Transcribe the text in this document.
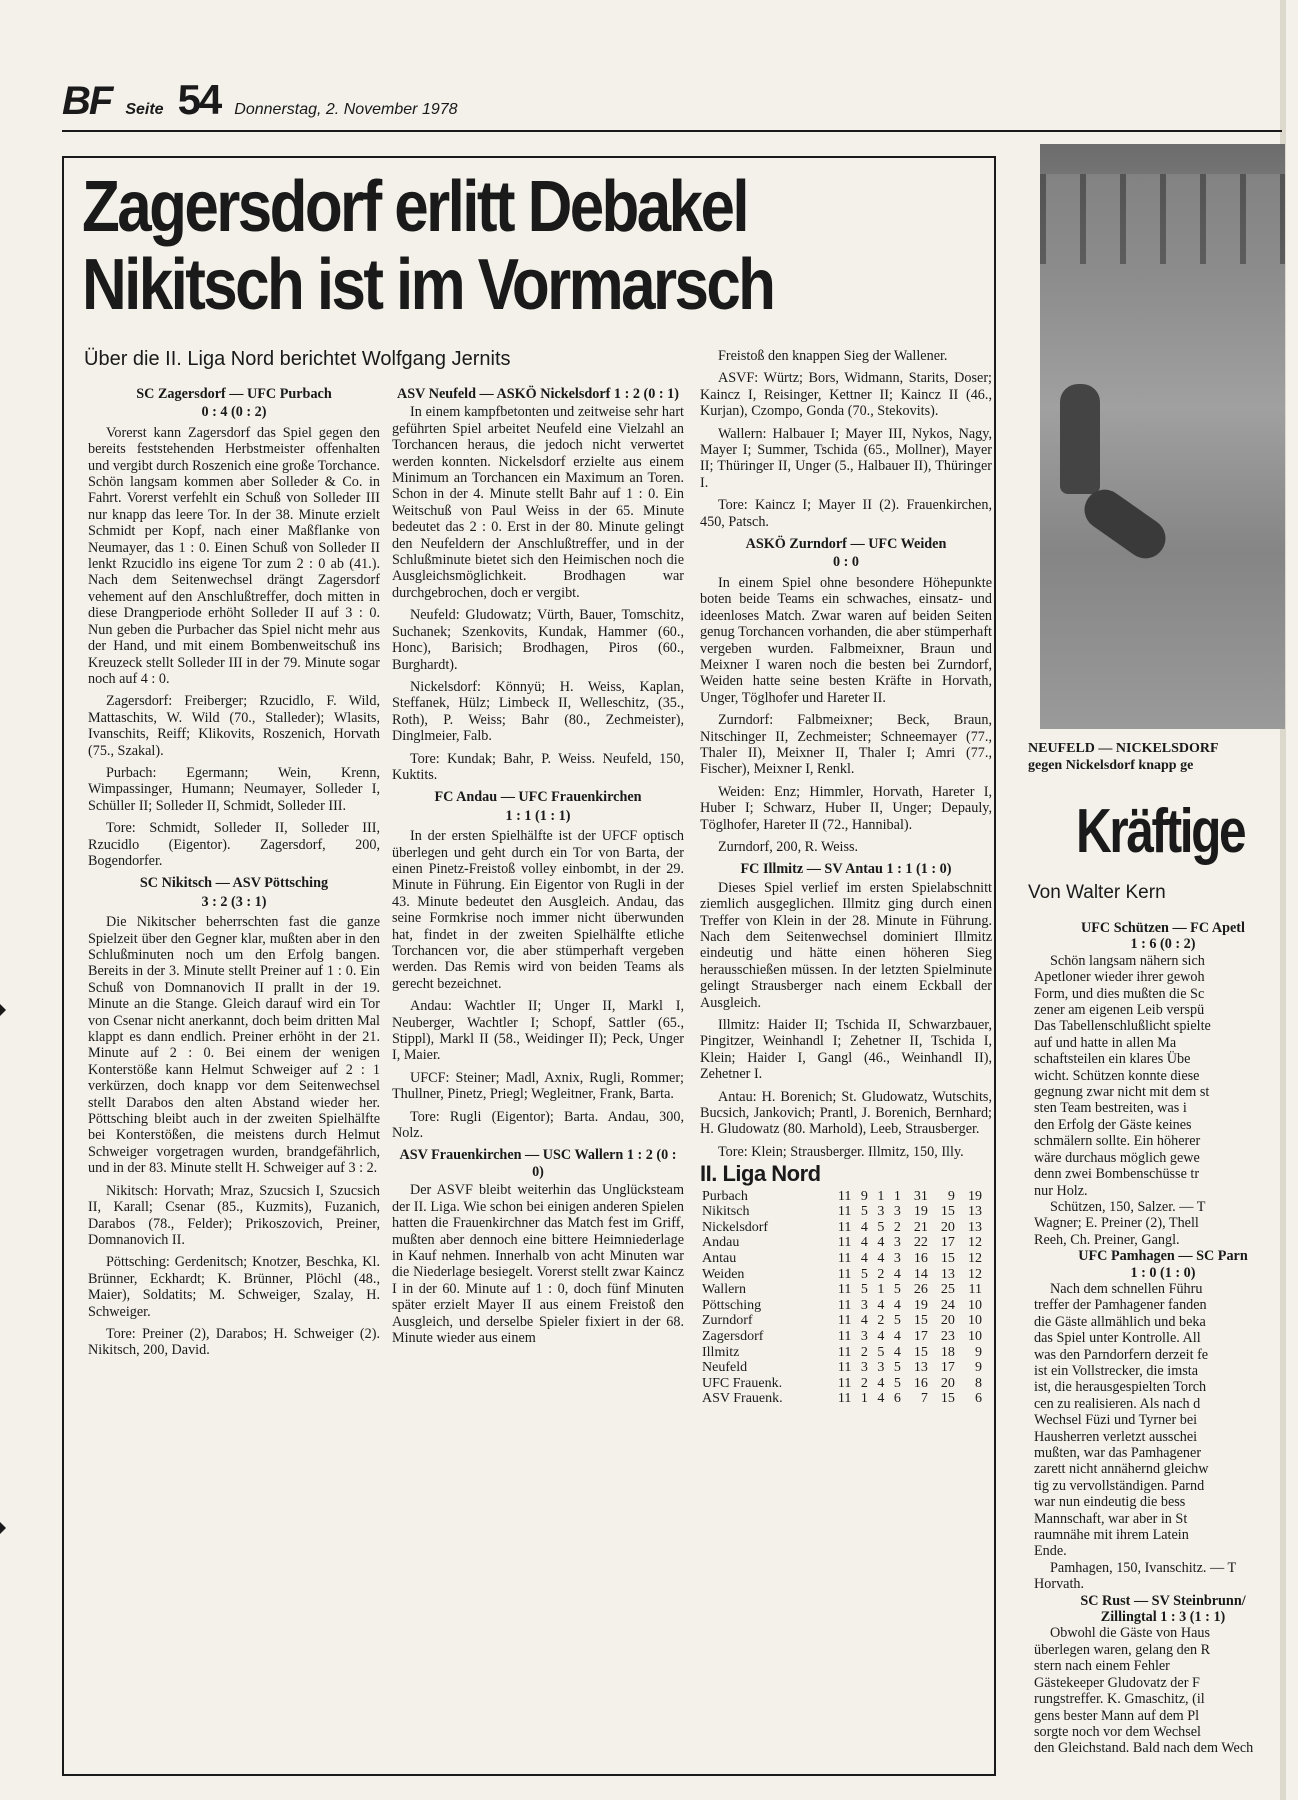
BF Seite 54 Donnerstag, 2. November 1978
Zagersdorf erlitt Debakel
Nikitsch ist im Vormarsch
Über die II. Liga Nord berichtet Wolfgang Jernits
SC Zagersdorf — UFC Purbach
0 : 4 (0 : 2)

Vorerst kann Zagersdorf das Spiel gegen den bereits feststehenden Herbstmeister offenhalten und vergibt durch Roszenich eine große Torchance. Schön langsam kommen aber Solleder & Co. in Fahrt. Vorerst verfehlt ein Schuß von Solleder III nur knapp das leere Tor. In der 38. Minute erzielt Schmidt per Kopf, nach einer Maßflanke von Neumayer, das 1 : 0. Einen Schuß von Solleder II lenkt Rzucidlo ins eigene Tor zum 2 : 0 ab (41.). Nach dem Seitenwechsel drängt Zagersdorf vehement auf den Anschlußtreffer, doch mitten in diese Drangperiode erhöht Solleder II auf 3 : 0. Nun geben die Purbacher das Spiel nicht mehr aus der Hand, und mit einem Bombenweitschuß ins Kreuzeck stellt Solleder III in der 79. Minute sogar noch auf 4 : 0.

Zagersdorf: Freiberger; Rzucidlo, F. Wild, Mattaschits, W. Wild (70., Stalleder); Wlasits, Ivanschits, Reiff; Klikovits, Roszenich, Horvath (75., Szakal).

Purbach: Egermann; Wein, Krenn, Wimpassinger, Humann; Neumayer, Solleder I, Schüller II; Solleder II, Schmidt, Solleder III.

Tore: Schmidt, Solleder II, Solleder III, Rzucidlo (Eigentor). Zagersdorf, 200, Bogendorfer.

SC Nikitsch — ASV Pöttsching
3 : 2 (3 : 1)

Die Nikitscher beherrschten fast die ganze Spielzeit über den Gegner klar, mußten aber in den Schlußminuten noch um den Erfolg bangen. Bereits in der 3. Minute stellt Preiner auf 1 : 0. Ein Schuß von Domnanovich II prallt in der 19. Minute an die Stange. Gleich darauf wird ein Tor von Csenar nicht anerkannt, doch beim dritten Mal klappt es dann endlich. Preiner erhöht in der 21. Minute auf 2 : 0. Bei einem der wenigen Konterstöße kann Helmut Schweiger auf 2 : 1 verkürzen, doch knapp vor dem Seitenwechsel stellt Darabos den alten Abstand wieder her. Pöttsching bleibt auch in der zweiten Spielhälfte bei Konterstößen, die meistens durch Helmut Schweiger vorgetragen wurden, brandgefährlich, und in der 83. Minute stellt H. Schweiger auf 3 : 2.

Nikitsch: Horvath; Mraz, Szucsich I, Szucsich II, Karall; Csenar (85., Kuzmits), Fuzanich, Darabos (78., Felder); Prikoszovich, Preiner, Domnanovich II.

Pöttsching: Gerdenitsch; Knotzer, Beschka, Kl. Brünner, Eckhardt; K. Brünner, Plöchl (48., Maier), Soldatits; M. Schweiger, Szalay, H. Schweiger.

Tore: Preiner (2), Darabos; H. Schweiger (2). Nikitsch, 200, David.

ASV Neufeld — ASKÖ Nickelsdorf 1 : 2 (0 : 1)

In einem kampfbetonten und zeitweise sehr hart geführten Spiel arbeitet Neufeld eine Vielzahl an Torchancen heraus, die jedoch nicht verwertet werden konnten. Nickelsdorf erzielte aus einem Minimum an Torchancen ein Maximum an Toren. Schon in der 4. Minute stellt Bahr auf 1 : 0. Ein Weitschuß von Paul Weiss in der 65. Minute bedeutet das 2 : 0. Erst in der 80. Minute gelingt den Neufeldern der Anschlußtreffer, und in der Schlußminute bietet sich den Heimischen noch die Ausgleichsmöglichkeit. Brodhagen war durchgebrochen, doch er vergibt.

Neufeld: Gludowatz; Vürth, Bauer, Tomschitz, Suchanek; Szenkovits, Kundak, Hammer (60., Honc), Barisich; Brodhagen, Piros (60., Burghardt).

Nickelsdorf: Könnyü; H. Weiss, Kaplan, Steffanek, Hülz; Limbeck II, Welleschitz, (35., Roth), P. Weiss; Bahr (80., Zechmeister), Dinglmeier, Falb.

Tore: Kundak; Bahr, P. Weiss. Neufeld, 150, Kuktits.

FC Andau — UFC Frauenkirchen
1 : 1 (1 : 1)

In der ersten Spielhälfte ist der UFCF optisch überlegen und geht durch ein Tor von Barta, der einen Pinetz-Freistoß volley einbombt, in der 29. Minute in Führung. Ein Eigentor von Rugli in der 43. Minute bedeutet den Ausgleich. Andau, das seine Formkrise noch immer nicht überwunden hat, findet in der zweiten Spielhälfte etliche Torchancen vor, die aber stümperhaft vergeben werden. Das Remis wird von beiden Teams als gerecht bezeichnet.

Andau: Wachtler II; Unger II, Markl I, Neuberger, Wachtler I; Schopf, Sattler (65., Stippl), Markl II (58., Weidinger II); Peck, Unger I, Maier.

UFCF: Steiner; Madl, Axnix, Rugli, Rommer; Thullner, Pinetz, Priegl; Wegleitner, Frank, Barta.

Tore: Rugli (Eigentor); Barta. Andau, 300, Nolz.

ASV Frauenkirchen — USC Wallern 1 : 2 (0 : 0)

Der ASVF bleibt weiterhin das Unglücksteam der II. Liga. Wie schon bei einigen anderen Spielen hatten die Frauenkirchner das Match fest im Griff, mußten aber dennoch eine bittere Heimniederlage in Kauf nehmen. Innerhalb von acht Minuten war die Niederlage besiegelt. Vorerst stellt zwar Kaincz I in der 60. Minute auf 1 : 0, doch fünf Minuten später erzielt Mayer II aus einem Freistoß den Ausgleich, und derselbe Spieler fixiert in der 68. Minute wieder aus einem

Freistoß den knappen Sieg der Wallener.

ASVF: Würtz; Bors, Widmann, Starits, Doser; Kaincz I, Reisinger, Kettner II; Kaincz II (46., Kurjan), Czompo, Gonda (70., Stekovits).

Wallern: Halbauer I; Mayer III, Nykos, Nagy, Mayer I; Summer, Tschida (65., Mollner), Mayer II; Thüringer II, Unger (5., Halbauer II), Thüringer I.

Tore: Kaincz I; Mayer II (2). Frauenkirchen, 450, Patsch.

ASKÖ Zurndorf — UFC Weiden
0 : 0

In einem Spiel ohne besondere Höhepunkte boten beide Teams ein schwaches, einsatz- und ideenloses Match. Zwar waren auf beiden Seiten genug Torchancen vorhanden, die aber stümperhaft vergeben wurden. Falbmeixner, Braun und Meixner I waren noch die besten bei Zurndorf, Weiden hatte seine besten Kräfte in Horvath, Unger, Töglhofer und Hareter II.

Zurndorf: Falbmeixner; Beck, Braun, Nitschinger II, Zechmeister; Schneemayer (77., Thaler II), Meixner II, Thaler I; Amri (77., Fischer), Meixner I, Renkl.

Weiden: Enz; Himmler, Horvath, Hareter I, Huber I; Schwarz, Huber II, Unger; Depauly, Töglhofer, Hareter II (72., Hannibal).

Zurndorf, 200, R. Weiss.

FC Illmitz — SV Antau 1 : 1 (1 : 0)

Dieses Spiel verlief im ersten Spielabschnitt ziemlich ausgeglichen. Illmitz ging durch einen Treffer von Klein in der 28. Minute in Führung. Nach dem Seitenwechsel dominiert Illmitz eindeutig und hätte einen höheren Sieg herausschießen müssen. In der letzten Spielminute gelingt Strausberger nach einem Eckball der Ausgleich.

Illmitz: Haider II; Tschida II, Schwarzbauer, Pingitzer, Weinhandl I; Zehetner II, Tschida I, Klein; Haider I, Gangl (46., Weinhandl II), Zehetner I.

Antau: H. Borenich; St. Gludowatz, Wutschits, Bucsich, Jankovich; Prantl, J. Borenich, Bernhard; H. Gludowatz (80. Marhold), Leeb, Strausberger.

Tore: Klein; Strausberger. Illmitz, 150, Illy.

II. Liga Nord
Purbach	11	9	1	1	31	9	19
Nikitsch	11	5	3	3	19	15	13
Nickelsdorf	11	4	5	2	21	20	13
Andau	11	4	4	3	22	17	12
Antau	11	4	4	3	16	15	12
Weiden	11	5	2	4	14	13	12
Wallern	11	5	1	5	26	25	11
Pöttsching	11	3	4	4	19	24	10
Zurndorf	11	4	2	5	15	20	10
Zagersdorf	11	3	4	4	17	23	10
Illmitz	11	2	5	4	15	18	9
Neufeld	11	3	3	5	13	17	9
UFC Frauenk.	11	2	4	5	16	20	8
ASV Frauenk.	11	1	4	6	7	15	6
NEUFELD — NICKELSDORF
gegen Nickelsdorf knapp ge
Kräftige
Von Walter Kern
UFC Schützen — FC Apetl
1 : 6 (0 : 2)

Schön langsam nähern sich

Apetloner wieder ihrer gewoh

Form, und dies mußten die Sc

zener am eigenen Leib verspü

Das Tabellenschlußlicht spielte

auf und hatte in allen Ma

schaftsteilen ein klares Übe

wicht. Schützen konnte diese

gegnung zwar nicht mit dem st

sten Team bestreiten, was i

den Erfolg der Gäste keines

schmälern sollte. Ein höherer

wäre durchaus möglich gewe

denn zwei Bombenschüsse tr

nur Holz.

Schützen, 150, Salzer. — T

Wagner; E. Preiner (2), Thell

Reeh, Ch. Preiner, Gangl.

UFC Pamhagen — SC Parn
1 : 0 (1 : 0)

Nach dem schnellen Führu

treffer der Pamhagener fanden

die Gäste allmählich und beka

das Spiel unter Kontrolle. All

was den Parndorfern derzeit fe

ist ein Vollstrecker, die imsta

ist, die herausgespielten Torch

cen zu realisieren. Als nach d

Wechsel Füzi und Tyrner bei

Hausherren verletzt ausschei

mußten, war das Pamhagener

zarett nicht annähernd gleichw

tig zu vervollständigen. Parnd

war nun eindeutig die bess

Mannschaft, war aber in St

raumnähe mit ihrem Latein

Ende.

Pamhagen, 150, Ivanschitz. — T

Horvath.

SC Rust — SV Steinbrunn/
Zillingtal 1 : 3 (1 : 1)

Obwohl die Gäste von Haus

überlegen waren, gelang den R

stern nach einem Fehler

Gästekeeper Gludovatz der F

rungstreffer. K. Gmaschitz, (il

gens bester Mann auf dem Pl

sorgte noch vor dem Wechsel

den Gleichstand. Bald nach dem Wech
